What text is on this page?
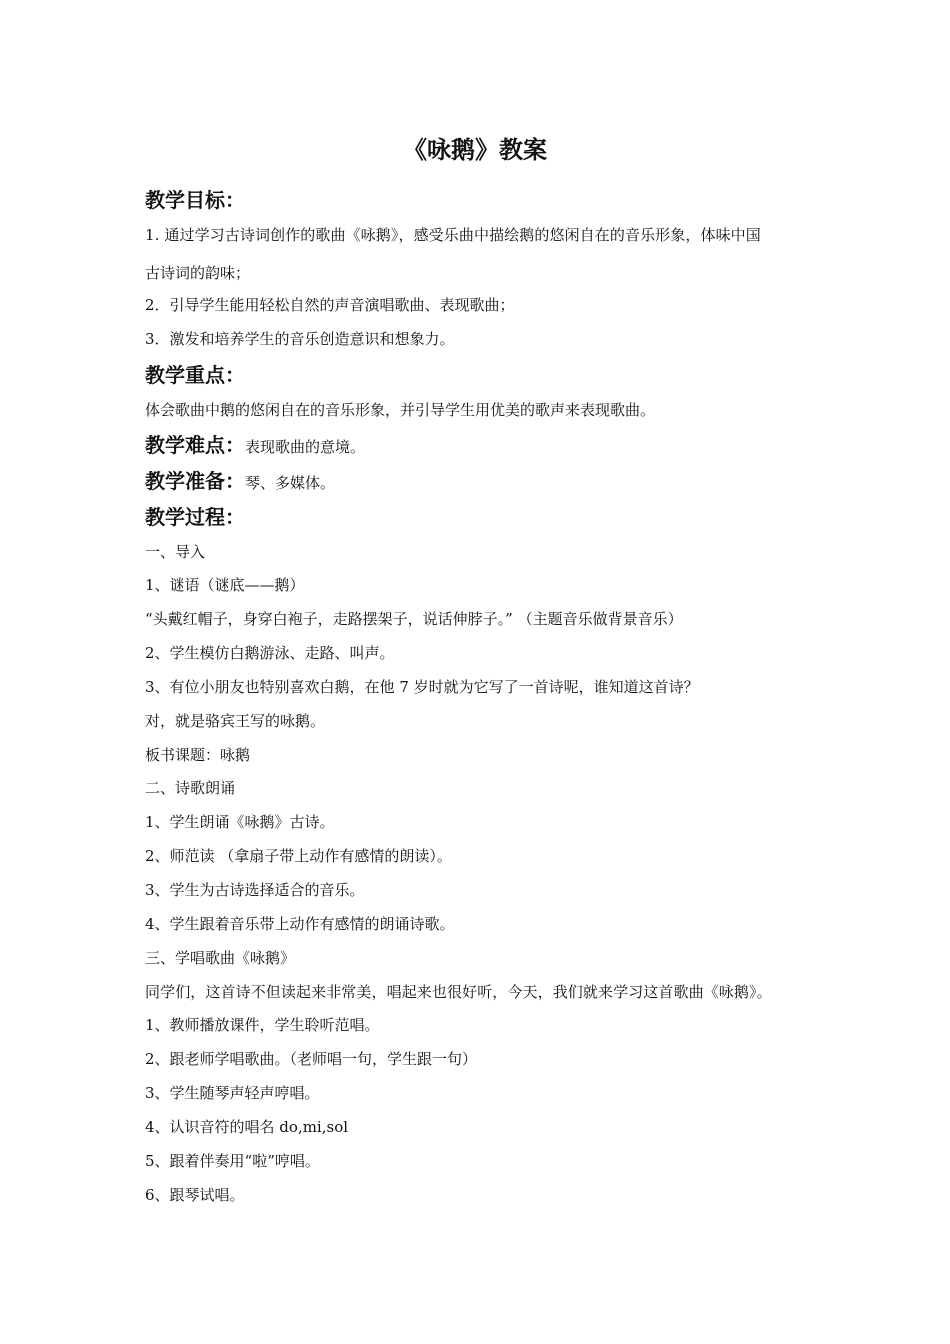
《咏鹅》教案
教学目标：
1. 通过学习古诗词创作的歌曲《咏鹅》，感受乐曲中描绘鹅的悠闲自在的音乐形象，体味中国
古诗词的韵味；
2．引导学生能用轻松自然的声音演唱歌曲、表现歌曲；
3．激发和培养学生的音乐创造意识和想象力。
教学重点：
体会歌曲中鹅的悠闲自在的音乐形象，并引导学生用优美的歌声来表现歌曲。
教学难点：表现歌曲的意境。
教学准备：琴、多媒体。
教学过程：
一、导入
1、谜语（谜底——鹅）
“头戴红帽子，身穿白袍子，走路摆架子，说话伸脖子。” （主题音乐做背景音乐）
2、学生模仿白鹅游泳、走路、叫声。
3、有位小朋友也特别喜欢白鹅，在他 7 岁时就为它写了一首诗呢，谁知道这首诗？
对，就是骆宾王写的咏鹅。
板书课题：咏鹅
二、诗歌朗诵
1、学生朗诵《咏鹅》古诗。
2、师范读 （拿扇子带上动作有感情的朗读）。
3、学生为古诗选择适合的音乐。
4、学生跟着音乐带上动作有感情的朗诵诗歌。
三、学唱歌曲《咏鹅》
同学们，这首诗不但读起来非常美，唱起来也很好听，今天，我们就来学习这首歌曲《咏鹅》。
1、教师播放课件，学生聆听范唱。
2、跟老师学唱歌曲。（老师唱一句，学生跟一句）
3、学生随琴声轻声哼唱。
4、认识音符的唱名 do,mi,sol
5、跟着伴奏用“啦”哼唱。
6、跟琴试唱。
